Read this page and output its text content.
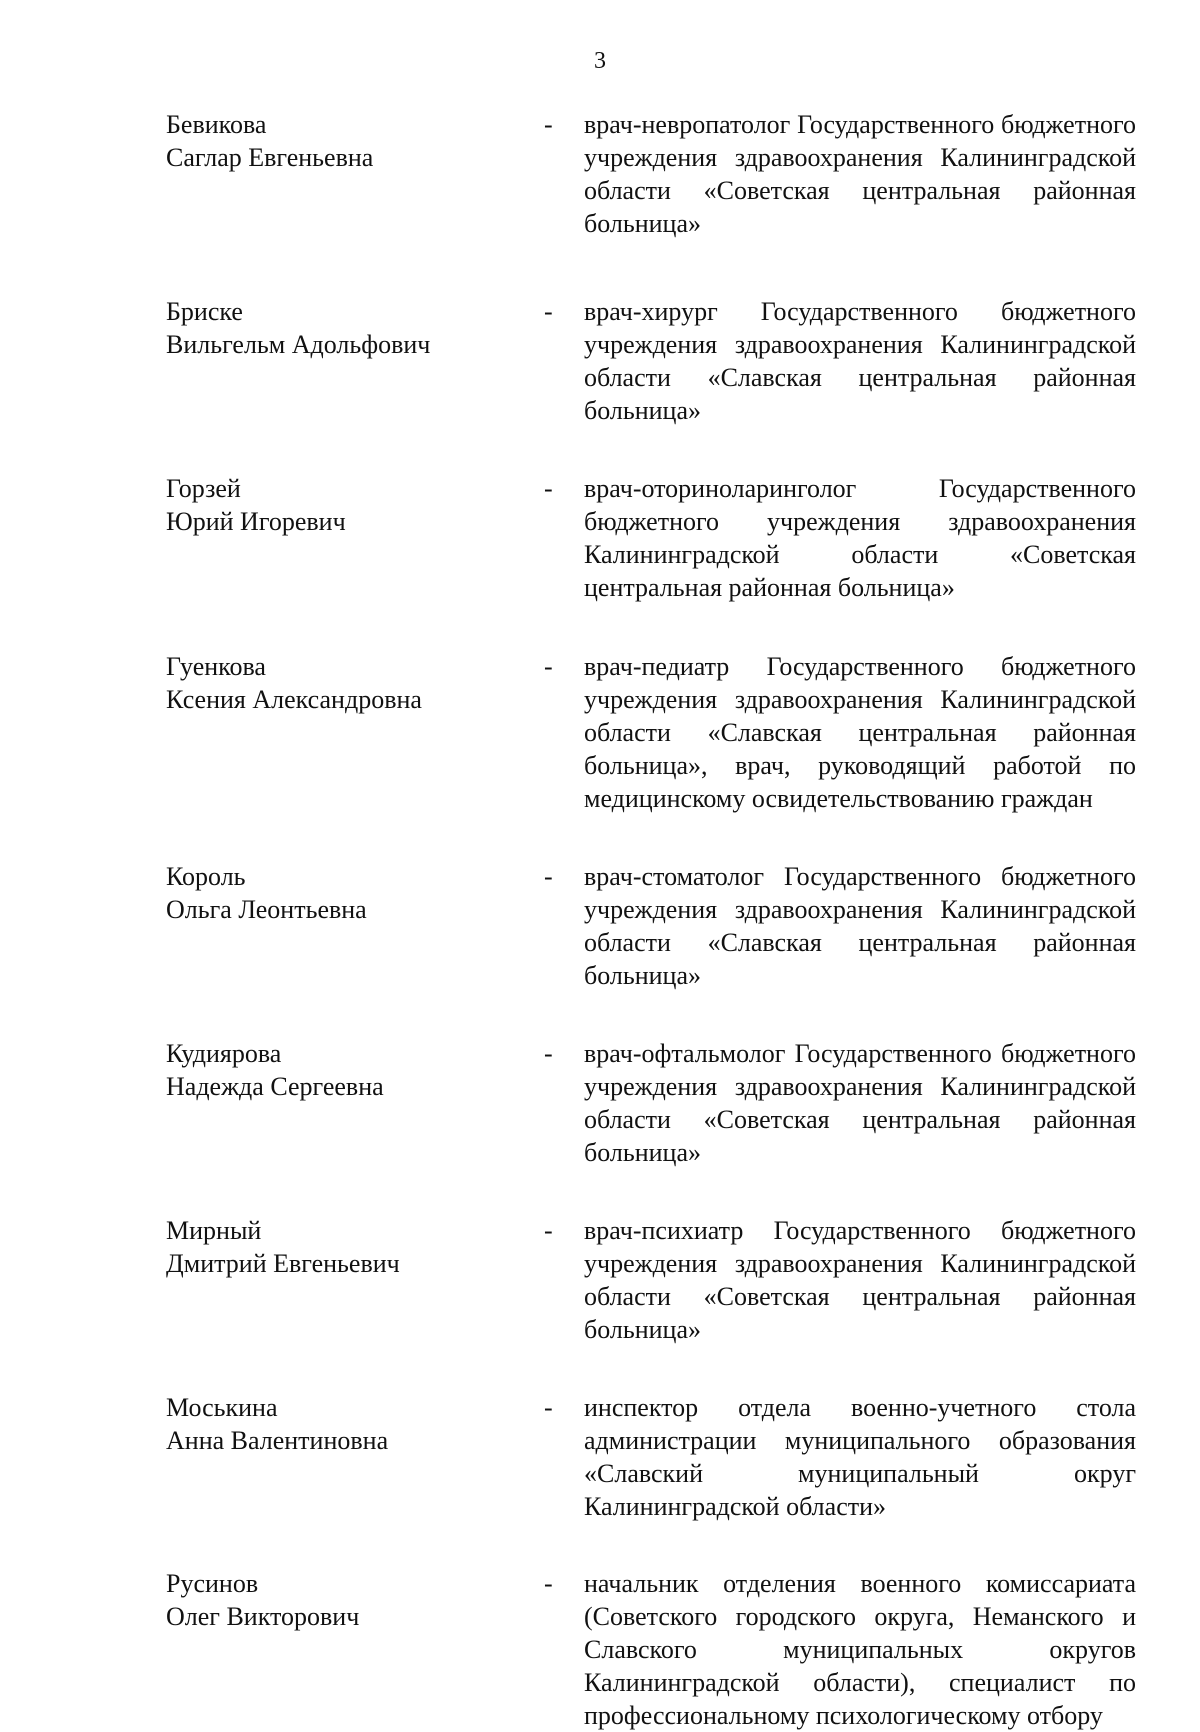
3
Бевикова
Саглар Евгеньевна
-	врач-невропатолог Государственного бюджетного учреждения здравоохранения Калининградской области «Советская центральная районная больница»
Бриске
Вильгельм Адольфович
-	врач-хирург Государственного бюджетного учреждения здравоохранения Калининградской области «Славская центральная районная больница»
Горзей
Юрий Игоревич
-	врач-оториноларинголог Государственного бюджетного учреждения здравоохранения Калининградской области «Советская центральная районная больница»
Гуенкова
Ксения Александровна
-	врач-педиатр Государственного бюджетного учреждения здравоохранения Калининградской области «Славская центральная районная больница», врач, руководящий работой по медицинскому освидетельствованию граждан
Король
Ольга Леонтьевна
-	врач-стоматолог Государственного бюджетного учреждения здравоохранения Калининградской области «Славская центральная районная больница»
Кудиярова
Надежда Сергеевна
-	врач-офтальмолог Государственного бюджетного учреждения здравоохранения Калининградской области «Советская центральная районная больница»
Мирный
Дмитрий Евгеньевич
-	врач-психиатр Государственного бюджетного учреждения здравоохранения Калининградской области «Советская центральная районная больница»
Моськина
Анна Валентиновна
-	инспектор отдела военно-учетного стола администрации муниципального образования «Славский муниципальный округ Калининградской области»
Русинов
Олег Викторович
-	начальник отделения военного комиссариата (Советского городского округа, Неманского и Славского муниципальных округов Калининградской области), специалист по профессиональному психологическому отбору
